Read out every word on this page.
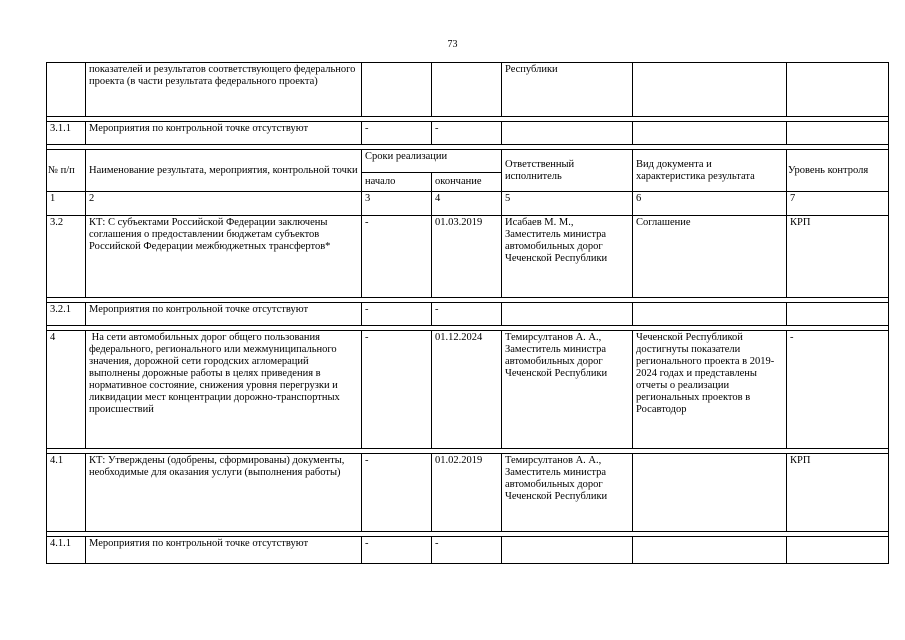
73
	показателей и результатов соответствующего федерального проекта (в части результата федерального проекта)			Республики		

3.1.1	Мероприятия по контрольной точке отсутствуют	-	-			

№ п/п	Наименование результата, мероприятия, контрольной точки	Сроки реализации		Ответственный исполнитель	Вид документа и характеристика результата	Уровень контроля
		начало	окончание			
1	2	3	4	5	6	7
3.2	КТ: С субъектами Российской Федерации заключены соглашения о предоставлении бюджетам субъектов Российской Федерации межбюджетных трансфертов*	-	01.03.2019	Исабаев М. М., Заместитель министра автомобильных дорог Чеченской Республики	Соглашение	КРП

3.2.1	Мероприятия по контрольной точке отсутствуют	-	-			

4	На сети автомобильных дорог общего пользования федерального, регионального или межмуниципального значения, дорожной сети городских агломераций выполнены дорожные работы в целях приведения в нормативное состояние, снижения уровня перегрузки и ликвидации мест концентрации дорожно-транспортных происшествий	-	01.12.2024	Темирсултанов А. А., Заместитель министра автомобильных дорог Чеченской Республики	Чеченской Республикой достигнуты показатели регионального проекта в 2019-2024 годах и представлены отчеты о реализации региональных проектов в Росавтодор	-

4.1	КТ: Утверждены (одобрены, сформированы) документы, необходимые для оказания услуги (выполнения работы)	-	01.02.2019	Темирсултанов А. А., Заместитель министра автомобильных дорог Чеченской Республики		КРП

4.1.1	Мероприятия по контрольной точке отсутствуют	-	-			
